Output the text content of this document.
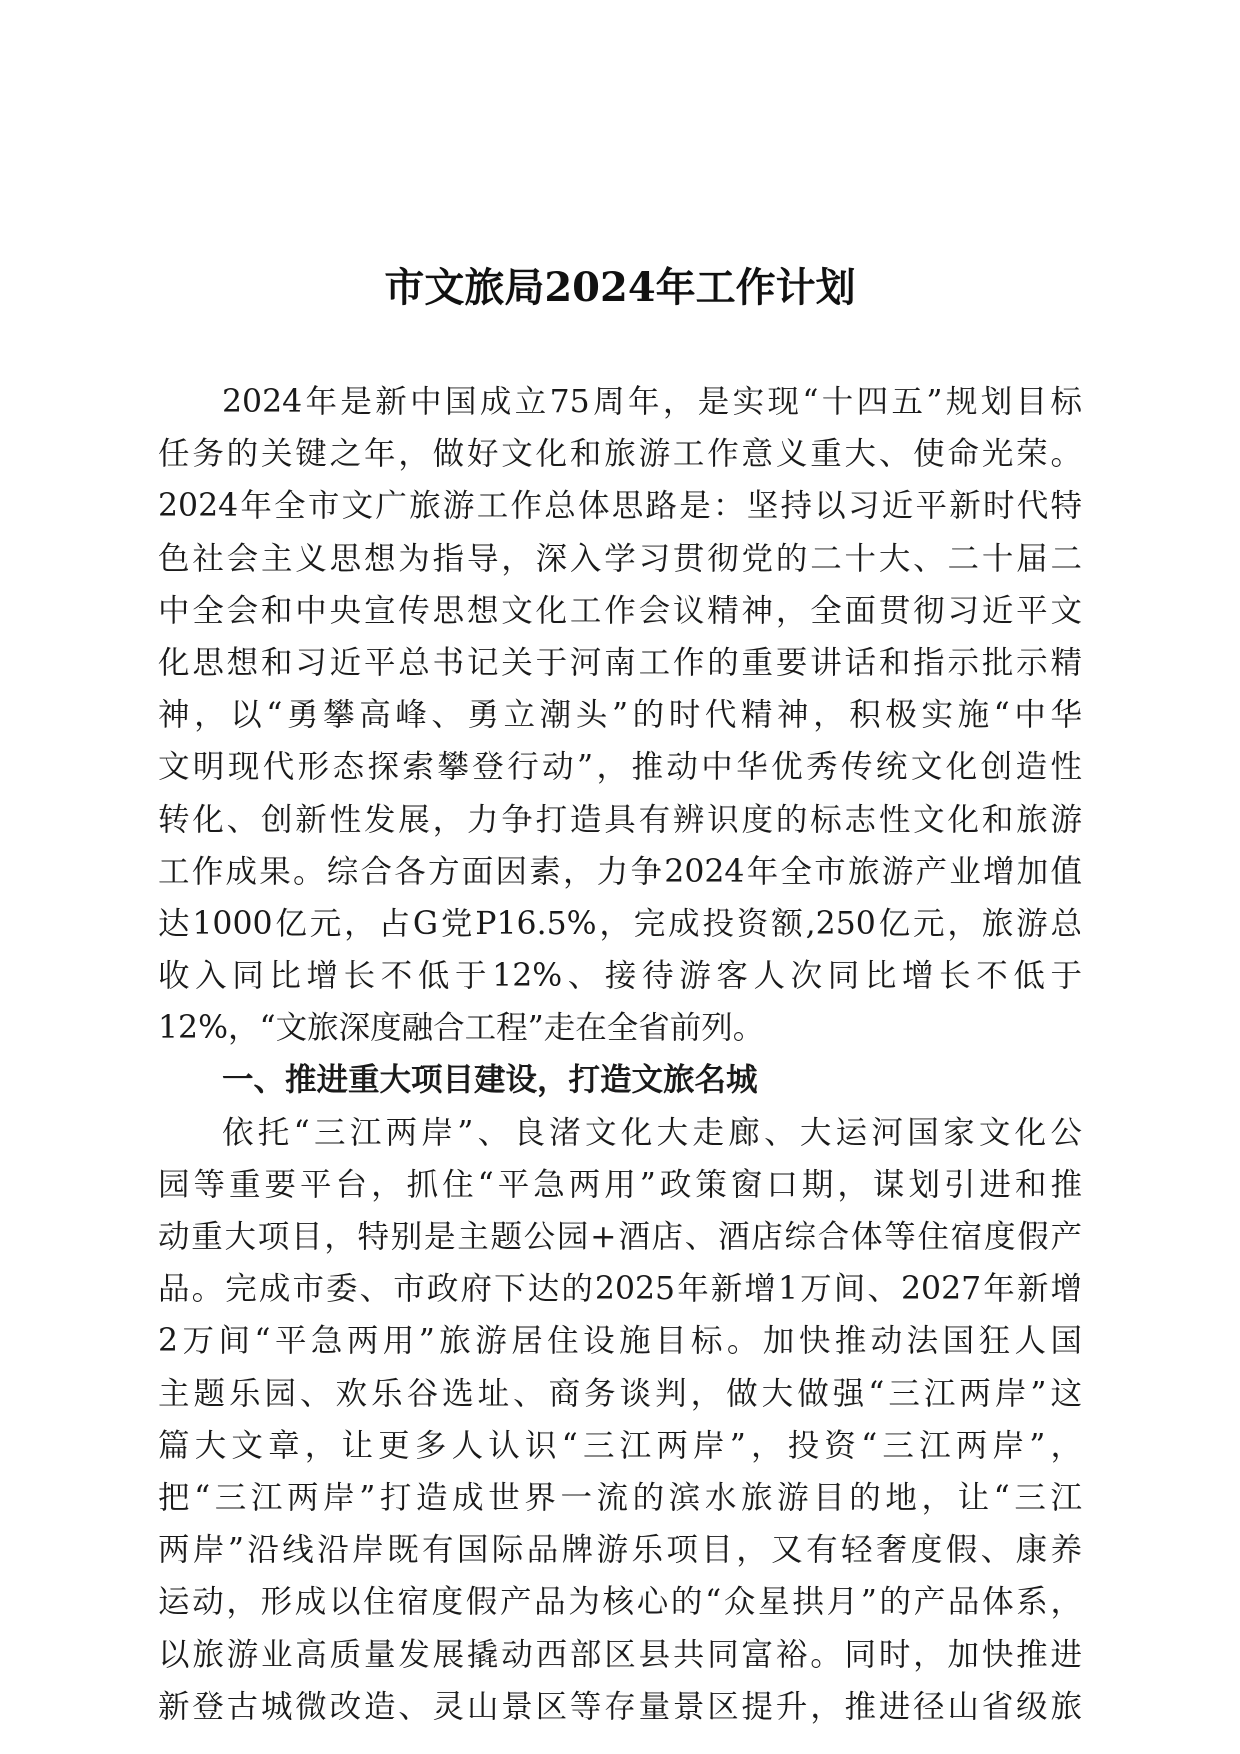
市文旅局2024年工作计划
2024年是新中国成立75周年，是实现“十四五”规划目标
任务的关键之年，做好文化和旅游工作意义重大、使命光荣。
2024年全市文广旅游工作总体思路是：坚持以习近平新时代特
色社会主义思想为指导，深入学习贯彻党的二十大、二十届二
中全会和中央宣传思想文化工作会议精神，全面贯彻习近平文
化思想和习近平总书记关于河南工作的重要讲话和指示批示精
神，以“勇攀高峰、勇立潮头”的时代精神，积极实施“中华
文明现代形态探索攀登行动”，推动中华优秀传统文化创造性
转化、创新性发展，力争打造具有辨识度的标志性文化和旅游
工作成果。综合各方面因素，力争2024年全市旅游产业增加值
达1000亿元，占G党P16.5%，完成投资额,250亿元，旅游总
收入同比增长不低于12%、接待游客人次同比增长不低于
12%，“文旅深度融合工程”走在全省前列。
一、推进重大项目建设，打造文旅名城
依托“三江两岸”、良渚文化大走廊、大运河国家文化公
园等重要平台，抓住“平急两用”政策窗口期，谋划引进和推
动重大项目，特别是主题公园+酒店、酒店综合体等住宿度假产
品。完成市委、市政府下达的2025年新增1万间、2027年新增
2万间“平急两用”旅游居住设施目标。加快推动法国狂人国
主题乐园、欢乐谷选址、商务谈判，做大做强“三江两岸”这
篇大文章，让更多人认识“三江两岸”，投资“三江两岸”，
把“三江两岸”打造成世界一流的滨水旅游目的地，让“三江
两岸”沿线沿岸既有国际品牌游乐项目，又有轻奢度假、康养
运动，形成以住宿度假产品为核心的“众星拱月”的产品体系，
以旅游业高质量发展撬动西部区县共同富裕。同时，加快推进
新登古城微改造、灵山景区等存量景区提升，推进径山省级旅
